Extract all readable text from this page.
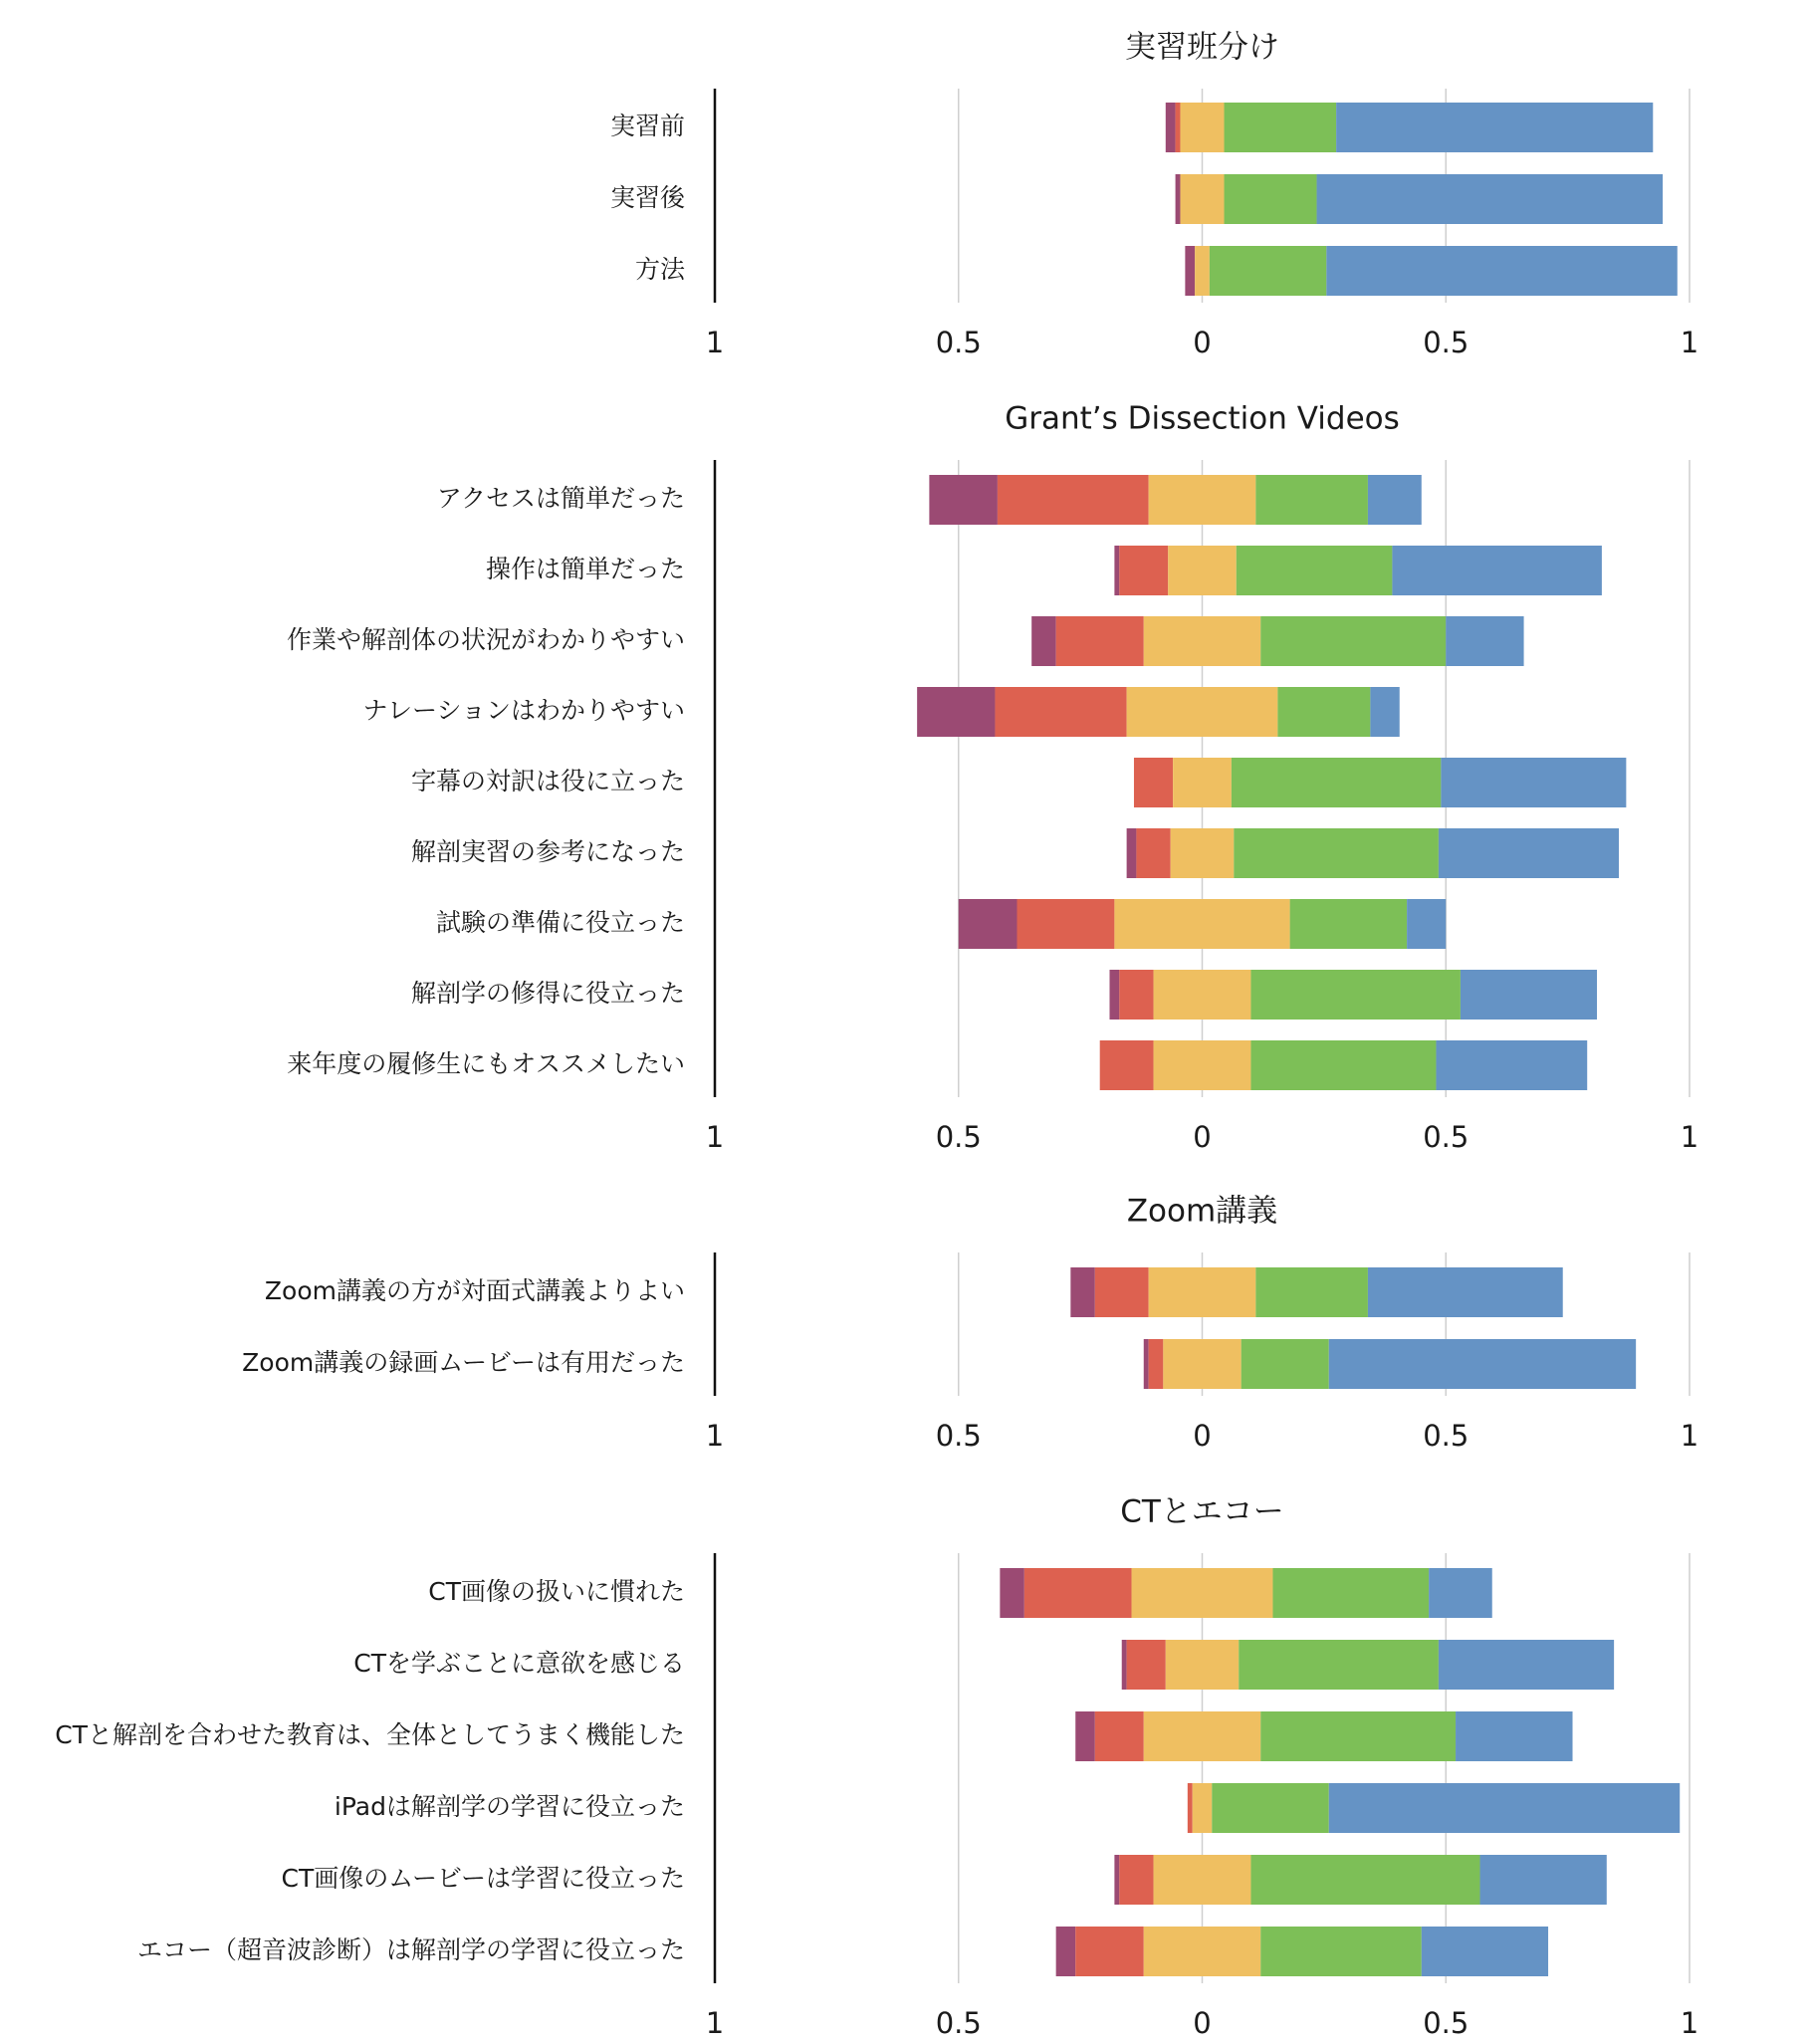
実習班分け
実習前
実習後
方法
1	0.5	0	0.5	1
Grant’s Dissection Videos
アクセスは簡単だった
操作は簡単だった
作業や解剖体の状況がわかりやすい
ナレーションはわかりやすい
字幕の対訳は役に立った
解剖実習の参考になった
試験の準備に役立った
解剖学の修得に役立った
来年度の履修生にもオススメしたい
1	0.5	0	0.5	1
Zoom講義
Zoom講義の方が対面式講義よりよい
Zoom講義の録画ムービーは有用だった
1	0.5	0	0.5	1
CTとエコー
CT画像の扱いに慣れた
CTを学ぶことに意欲を感じる
CTと解剖を合わせた教育は、全体としてうまく機能した
iPadは解剖学の学習に役立った
CT画像のムービーは学習に役立った
エコー（超音波診断）は解剖学の学習に役立った
1	0.5	0	0.5	1
